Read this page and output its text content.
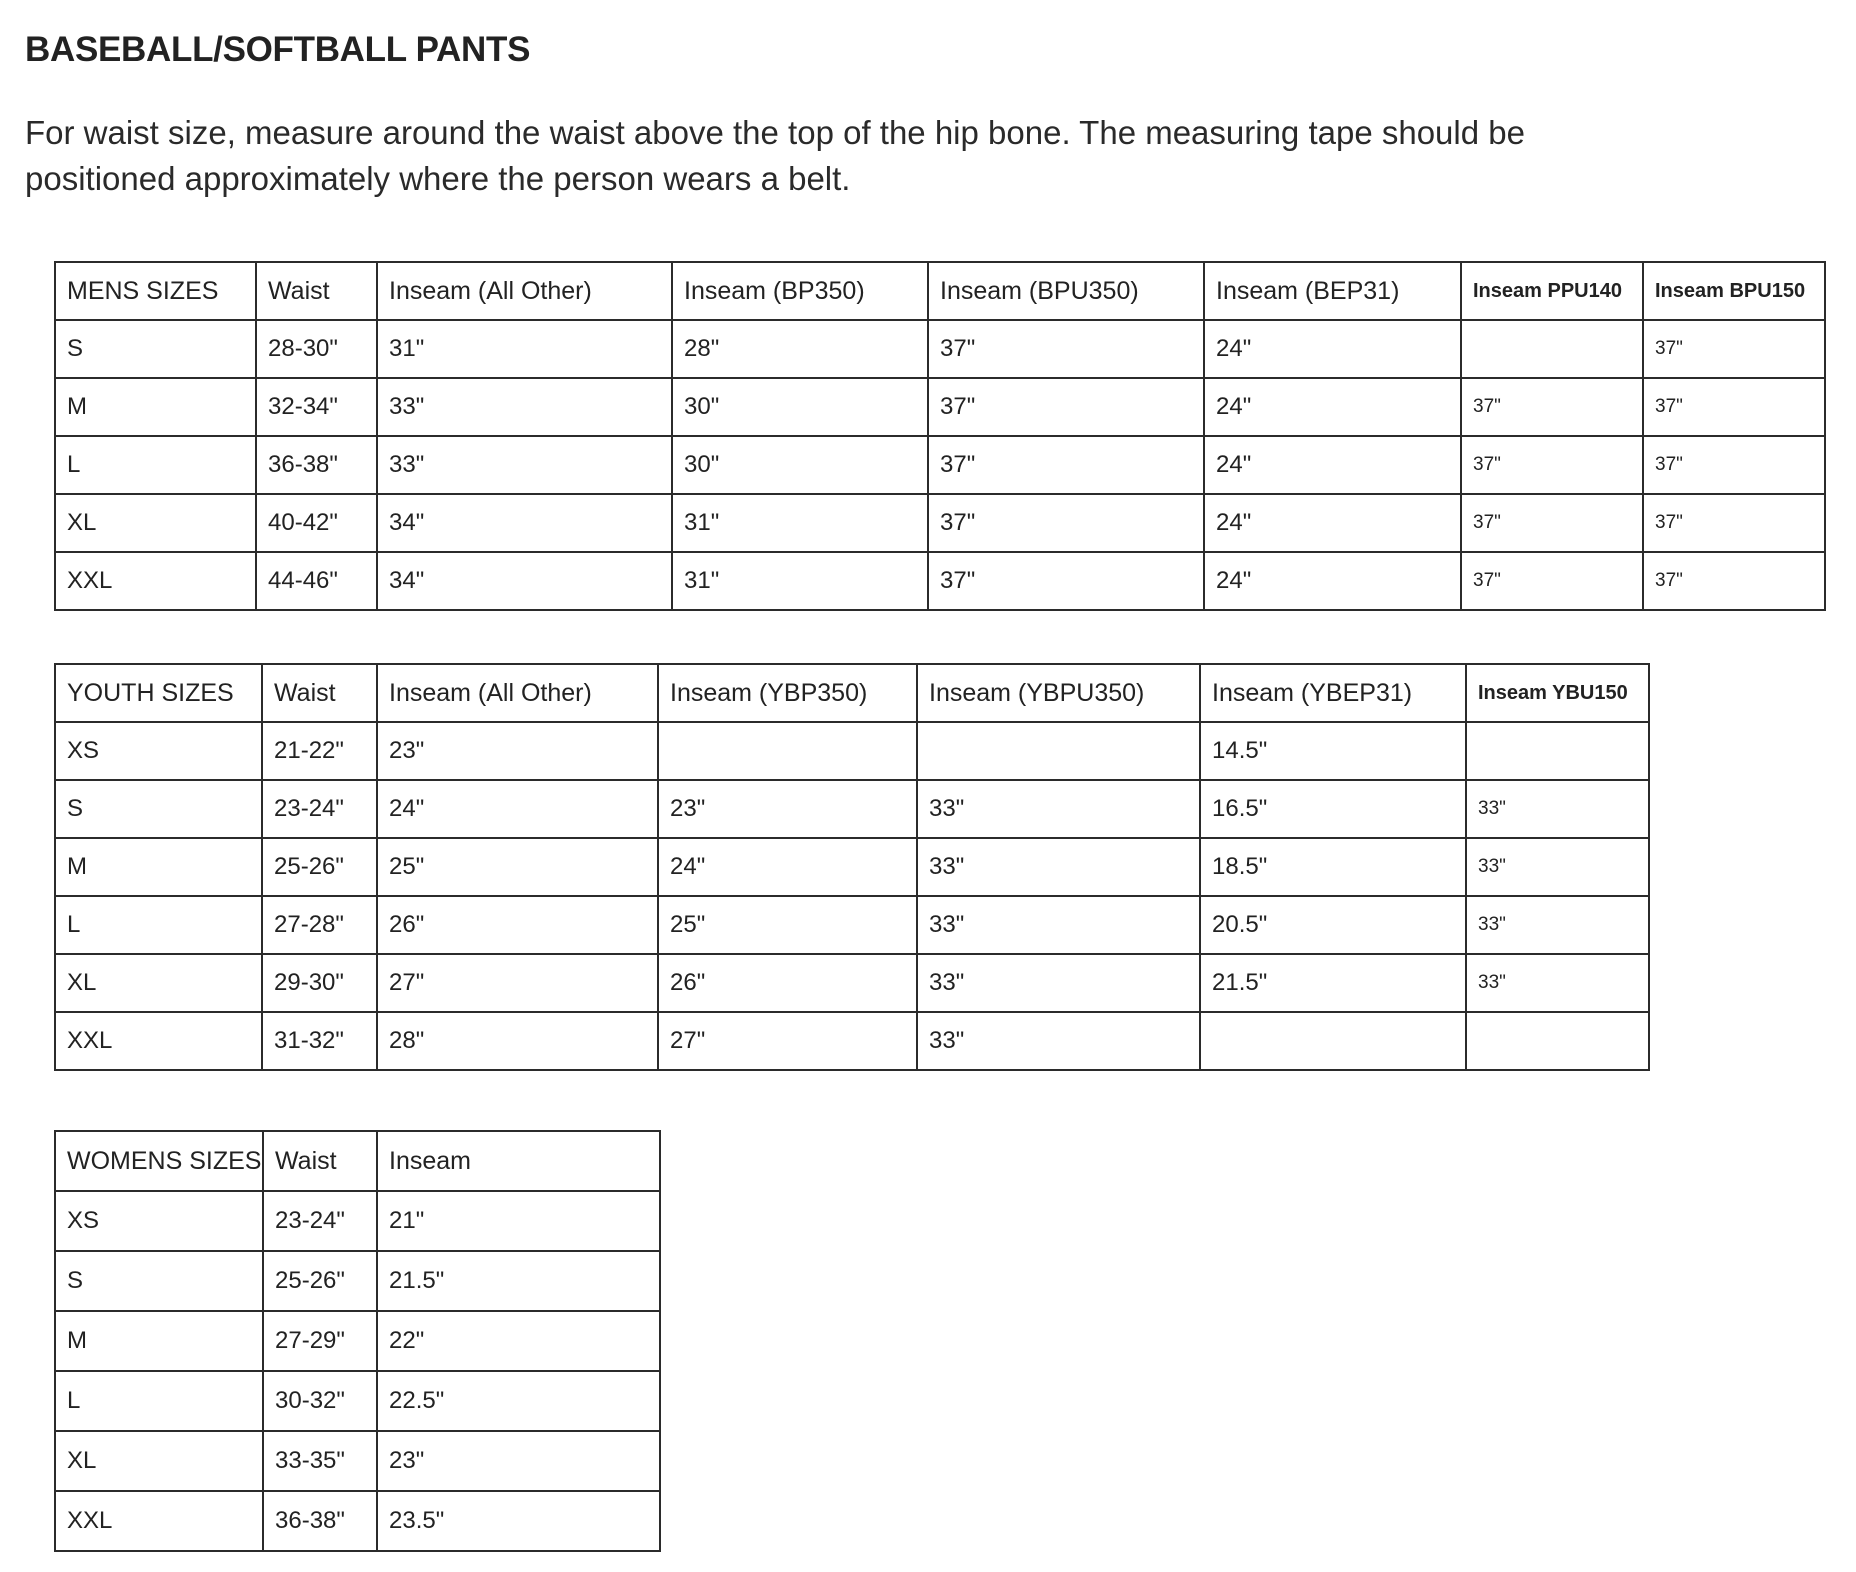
BASEBALL/SOFTBALL PANTS

For waist size, measure around the waist above the top of the hip bone. The measuring tape should be positioned approximately where the person wears a belt.

MENS SIZES	Waist	Inseam (All Other)	Inseam (BP350)	Inseam (BPU350)	Inseam (BEP31)	Inseam PPU140	Inseam BPU150
S	28-30"	31"	28"	37"	24"		37"
M	32-34"	33"	30"	37"	24"	37"	37"
L	36-38"	33"	30"	37"	24"	37"	37"
XL	40-42"	34"	31"	37"	24"	37"	37"
XXL	44-46"	34"	31"	37"	24"	37"	37"
YOUTH SIZES	Waist	Inseam (All Other)	Inseam (YBP350)	Inseam (YBPU350)	Inseam (YBEP31)	Inseam YBU150
XS	21-22"	23"			14.5"	
S	23-24"	24"	23"	33"	16.5"	33"
M	25-26"	25"	24"	33"	18.5"	33"
L	27-28"	26"	25"	33"	20.5"	33"
XL	29-30"	27"	26"	33"	21.5"	33"
XXL	31-32"	28"	27"	33"		
WOMENS SIZES	Waist	Inseam
XS	23-24"	21"
S	25-26"	21.5"
M	27-29"	22"
L	30-32"	22.5"
XL	33-35"	23"
XXL	36-38"	23.5"
